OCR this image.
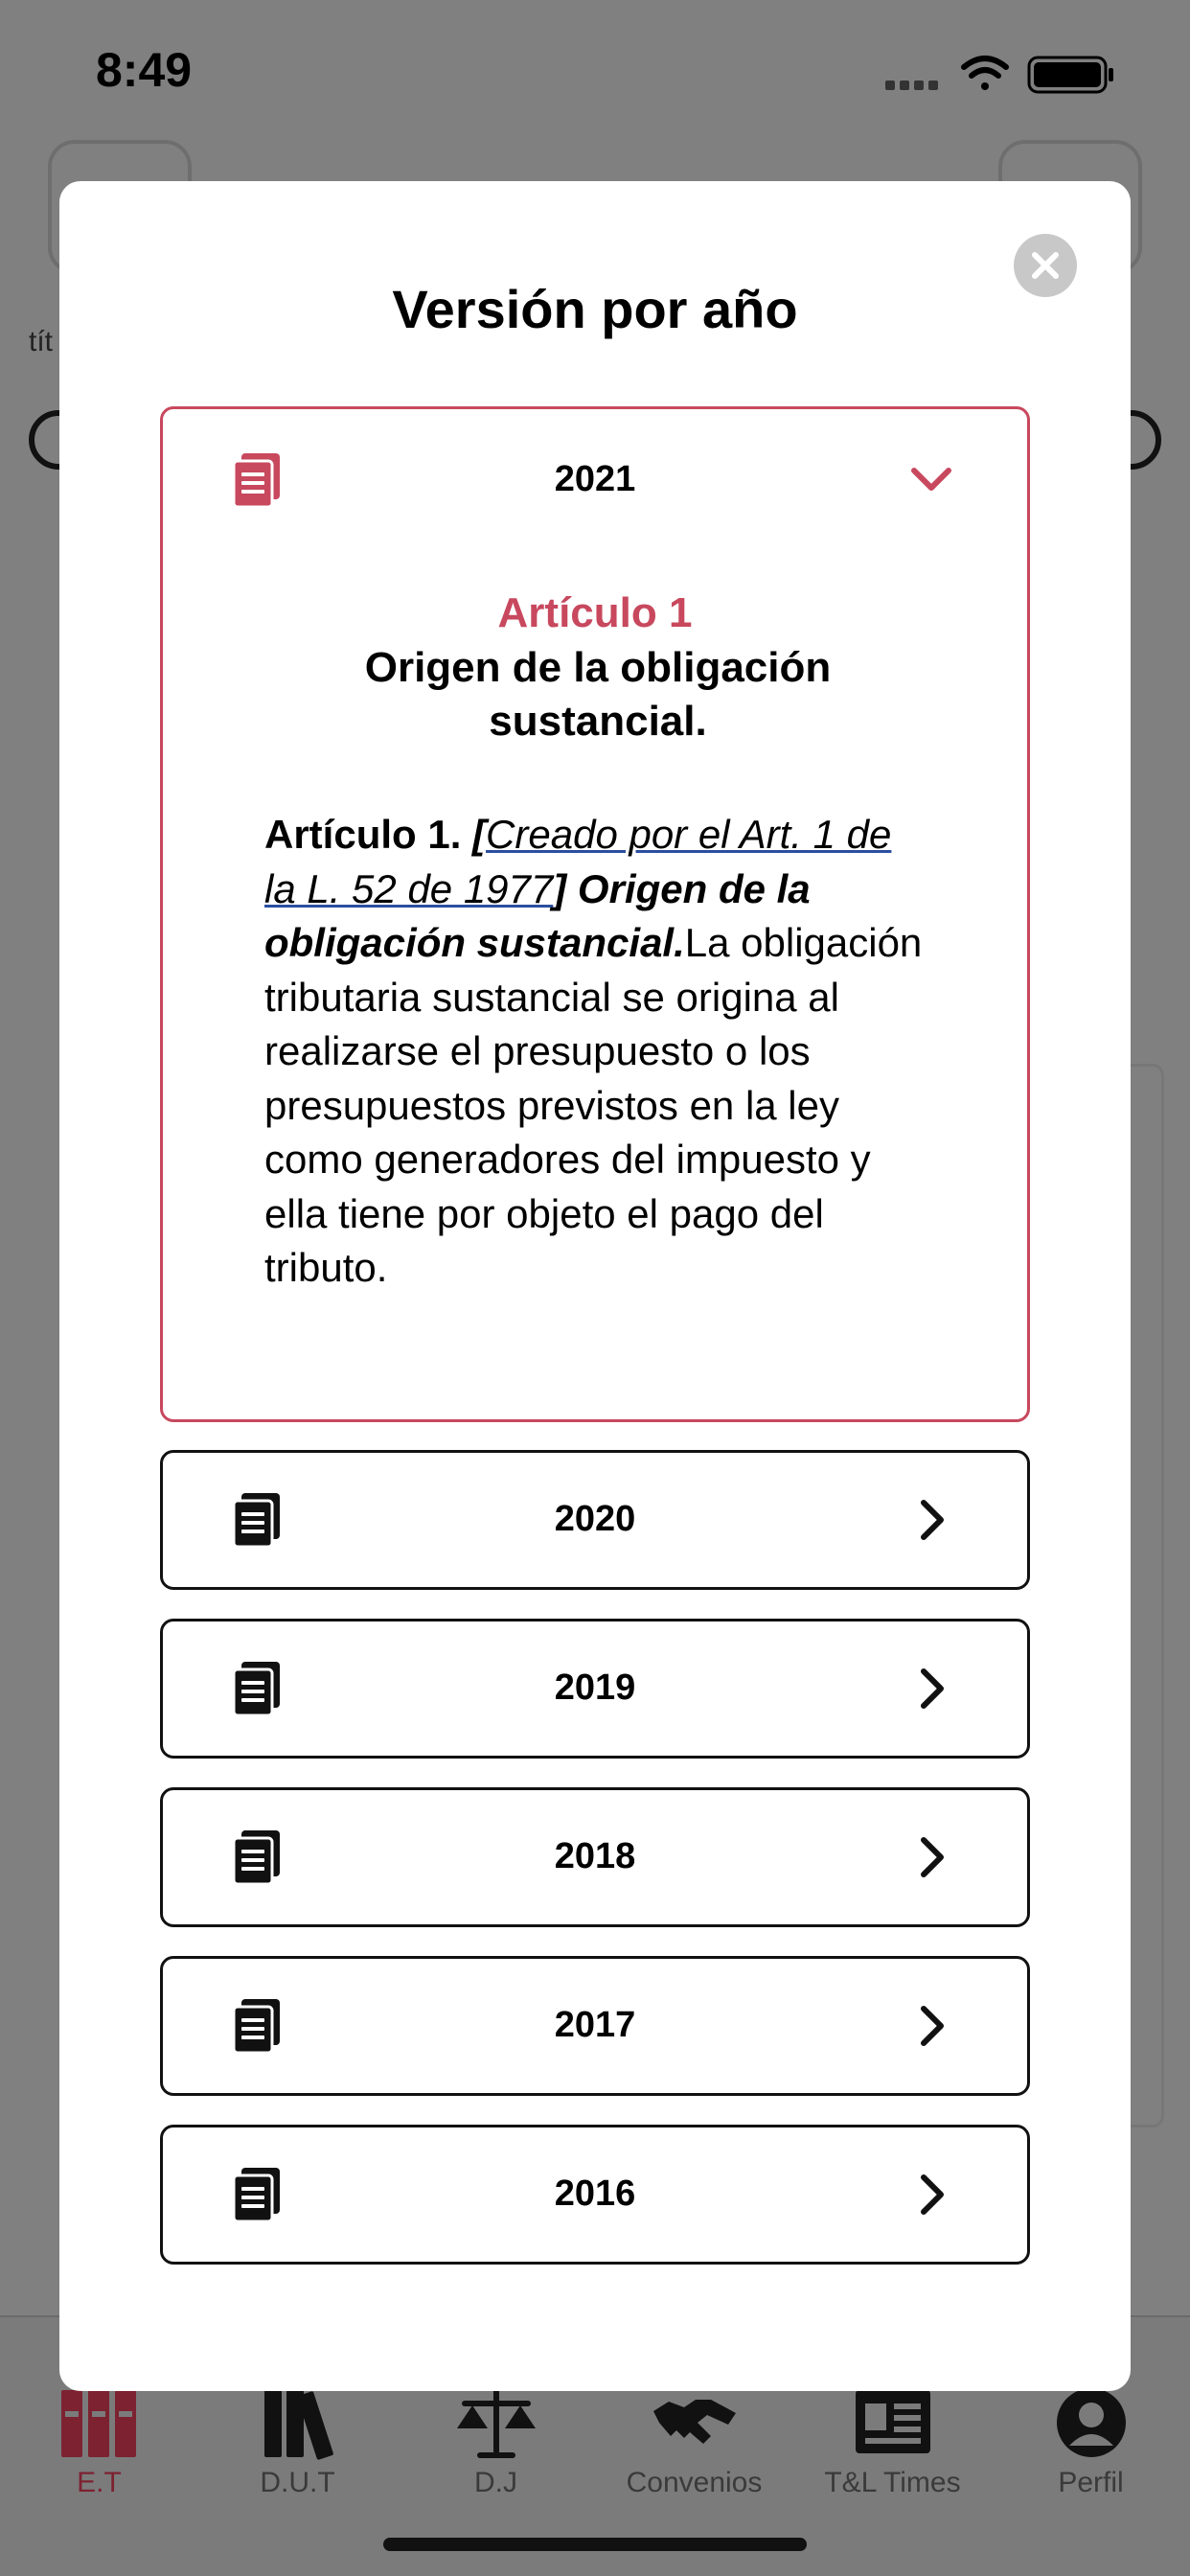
8:49
tít
E.T	D.U.T	D.J	Convenios	T&L Times	Perfil
Versión por año
2021
Artículo 1
Origen de la obligación sustancial.
Artículo 1. [Creado por el Art. 1 de la L. 52 de 1977] Origen de la obligación sustancial.La obligación tributaria sustancial se origina al realizarse el presupuesto o los presupuestos previstos en la ley como generadores del impuesto y ella tiene por objeto el pago del tributo.
2020
2019
2018
2017
2016
